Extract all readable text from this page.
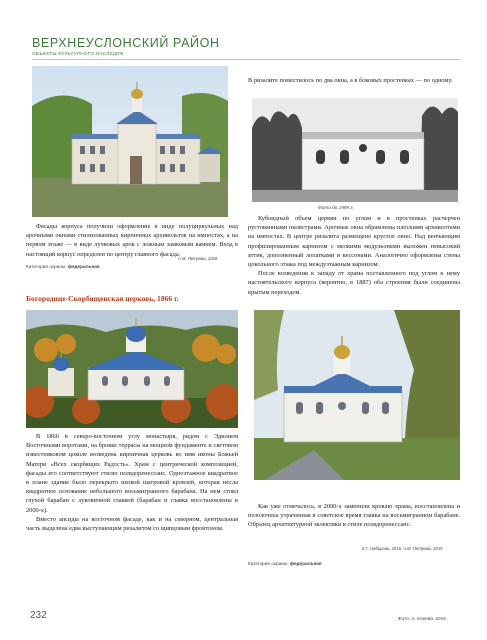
ВЕРХНЕУСЛОНСКИЙ РАЙОН
ОБЪЕКТЫ КУЛЬТУРНОГО НАСЛЕДИЯ

В ризалите поместилось по два окна, а в боковых простенках — по одному.

Фото до 1999 г.

Фасады корпуса получили оформление в виде полуциркульных над арочными окнами стилизованных кирпичных архивольтов на импостах, а на первом этаже — в виде лучковых арок с ложным замковым камнем. Вход в настоящий корпус определен по центру главного фасада.

А.М. Петрова, 2018
Категория охраны: федеральная
Богородице-Скорбященская церковь, 1866 г.

Кубоидный объем церкви по углам и в простенках расчерчен рустованными пилястрами. Арочные окна обрамлены плоскими архиволтами на импостах. В центре ризалита размещено круглое окно. Над венчающим профилированным карнизом с мелкими модульонами выложен невысокий аттик, дополненный лопатками и кессонами. Аналогично оформлены стены цокольного этажа под междуэтажным карнизом.

После возведения к западу от храма поставленного под углом к нему настоятельского корпуса (вероятно, в 1887) оба строения были соединены крытым переходом.

В 1866 в северо-восточном углу монастыря, рядом с Эдилием Восточными воротами, на бровке террасы на мощном фундаменте и световом известняковом цоколе возведена кирпичная церковь во имя иконы Божьей Матери «Всех скорбящих Радость». Храм с центрической композицией, фасады его соответствуют стилю псевдоренессанс. Одноэтажное квадратное в плане здание было перекрыто низкой шатровой кровлей, которая несла квадратное основание небольшого восьмигранного барабана. На нем стоял глухой барабан с луковичной главкой (барабан и главка восстановлены в 2000-х).

Вместо апсиды на восточном фасаде, как и на северном, центральная часть выделена едва выступающим ризалитом со щипцовым фронтоном.

Как уже отмечалось, в 2000-х заменили кровлю храма, восстановлена и позолочена утраченная в советское время главка на восьмигранном барабане. Образец архитектурной эклектики в стиле псевдоренессанс.

Е.Г. Набирова, 2016; А.М. Петрова, 2019
Категория охраны: федеральная
232	Фото: А. Клеева, 2016
